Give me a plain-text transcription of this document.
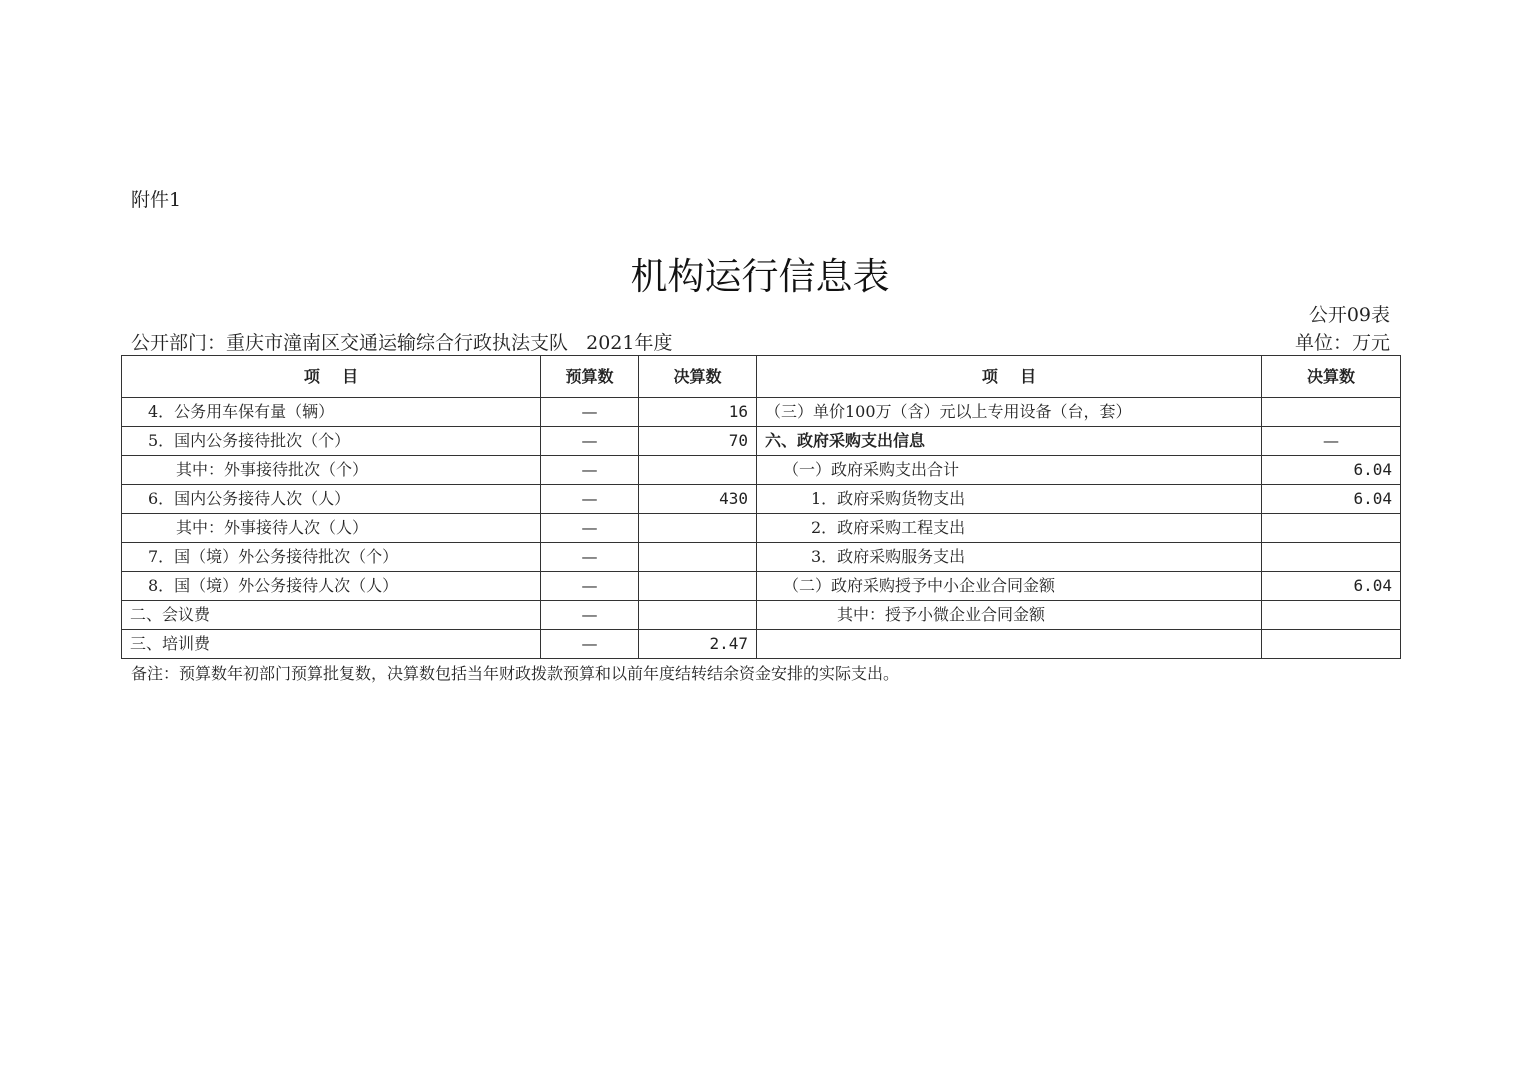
附件1
机构运行信息表
公开09表
公开部门：重庆市潼南区交通运输综合行政执法支队   2021年度	单位：万元
项    目	预算数	决算数	项    目	决算数
4．公务用车保有量（辆）	—	16	（三）单价100万（含）元以上专用设备（台，套）	
5．国内公务接待批次（个）	—	70	六、政府采购支出信息	—
其中：外事接待批次（个）	—		（一）政府采购支出合计	6.04
6．国内公务接待人次（人）	—	430	1．政府采购货物支出	6.04
其中：外事接待人次（人）	—		2．政府采购工程支出	
7．国（境）外公务接待批次（个）	—		3．政府采购服务支出	
8．国（境）外公务接待人次（人）	—		（二）政府采购授予中小企业合同金额	6.04
二、会议费	—		其中：授予小微企业合同金额	
三、培训费	—	2.47		
备注：预算数年初部门预算批复数，决算数包括当年财政拨款预算和以前年度结转结余资金安排的实际支出。
